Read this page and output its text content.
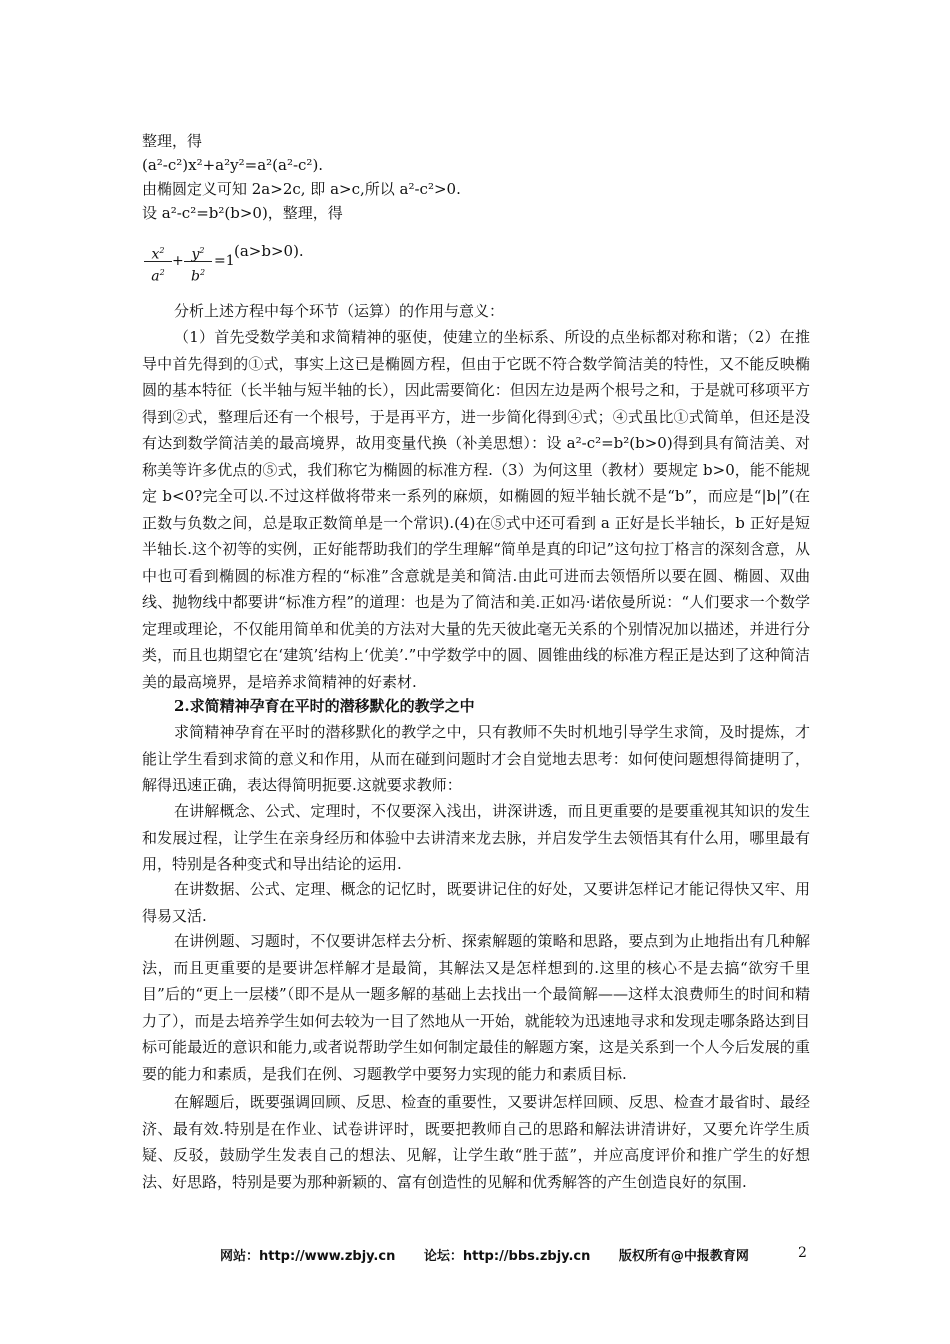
整理，得
(a²-c²)x²+a²y²=a²(a²-c²).
由椭圆定义可知 2a>2c, 即 a>c,所以 a²-c²>0.
设 a²-c²=b²(b>0)，整理，得
$x^2$
$a^2$
+ $y^2$
$b^2$
=1
(a>b>0).
分析上述方程中每个环节（运算）的作用与意义：
（1）首先受数学美和求简精神的驱使，使建立的坐标系、所设的点坐标都对称和谐；（2）在推导中首先得到的①式，事实上这已是椭圆方程，但由于它既不符合数学简洁美的特性，又不能反映椭圆的基本特征（长半轴与短半轴的长），因此需要简化：但因左边是两个根号之和，于是就可移项平方得到②式，整理后还有一个根号，于是再平方，进一步简化得到④式；④式虽比①式简单，但还是没有达到数学简洁美的最高境界，故用变量代换（补美思想）：设 a²-c²=b²(b>0)得到具有简洁美、对称美等许多优点的⑤式，我们称它为椭圆的标准方程.（3）为何这里（教材）要规定 b>0，能不能规定 b<0?完全可以.不过这样做将带来一系列的麻烦，如椭圆的短半轴长就不是“b”，而应是“|b|”(在正数与负数之间，总是取正数简单是一个常识).(4)在⑤式中还可看到 a 正好是长半轴长，b 正好是短半轴长.这个初等的实例，正好能帮助我们的学生理解“简单是真的印记”这句拉丁格言的深刻含意，从中也可看到椭圆的标准方程的“标准”含意就是美和简洁.由此可进而去领悟所以要在圆、椭圆、双曲线、抛物线中都要讲“标准方程”的道理：也是为了简洁和美.正如冯·诺依曼所说：“人们要求一个数学定理或理论，不仅能用简单和优美的方法对大量的先天彼此毫无关系的个别情况加以描述，并进行分类，而且也期望它在‘建筑’结构上‘优美’.”中学数学中的圆、圆锥曲线的标准方程正是达到了这种简洁美的最高境界，是培养求简精神的好素材.
2.求简精神孕育在平时的潜移默化的教学之中
求简精神孕育在平时的潜移默化的教学之中，只有教师不失时机地引导学生求简，及时提炼，才能让学生看到求简的意义和作用，从而在碰到问题时才会自觉地去思考：如何使问题想得简捷明了，解得迅速正确，表达得简明扼要.这就要求教师：
在讲解概念、公式、定理时，不仅要深入浅出，讲深讲透，而且更重要的是要重视其知识的发生和发展过程，让学生在亲身经历和体验中去讲清来龙去脉，并启发学生去领悟其有什么用，哪里最有用，特别是各种变式和导出结论的运用.
在讲数据、公式、定理、概念的记忆时，既要讲记住的好处，又要讲怎样记才能记得快又牢、用得易又活.
在讲例题、习题时，不仅要讲怎样去分析、探索解题的策略和思路，要点到为止地指出有几种解法，而且更重要的是要讲怎样解才是最简，其解法又是怎样想到的.这里的核心不是去搞“欲穷千里目”后的“更上一层楼”（即不是从一题多解的基础上去找出一个最简解——这样太浪费师生的时间和精力了），而是去培养学生如何去较为一目了然地从一开始，就能较为迅速地寻求和发现走哪条路达到目标可能最近的意识和能力,或者说帮助学生如何制定最佳的解题方案，这是关系到一个人今后发展的重要的能力和素质，是我们在例、习题教学中要努力实现的能力和素质目标.
在解题后，既要强调回顾、反思、检查的重要性，又要讲怎样回顾、反思、检查才最省时、最经济、最有效.特别是在作业、试卷讲评时，既要把教师自己的思路和解法讲清讲好，又要允许学生质疑、反驳，鼓励学生发表自己的想法、见解，让学生敢“胜于蓝”，并应高度评价和推广学生的好想法、好思路，特别是要为那种新颖的、富有创造性的见解和优秀解答的产生创造良好的氛围.
网站：http://www.zbjy.cn 论坛：http://bbs.zbjy.cn 版权所有@中报教育网	2
